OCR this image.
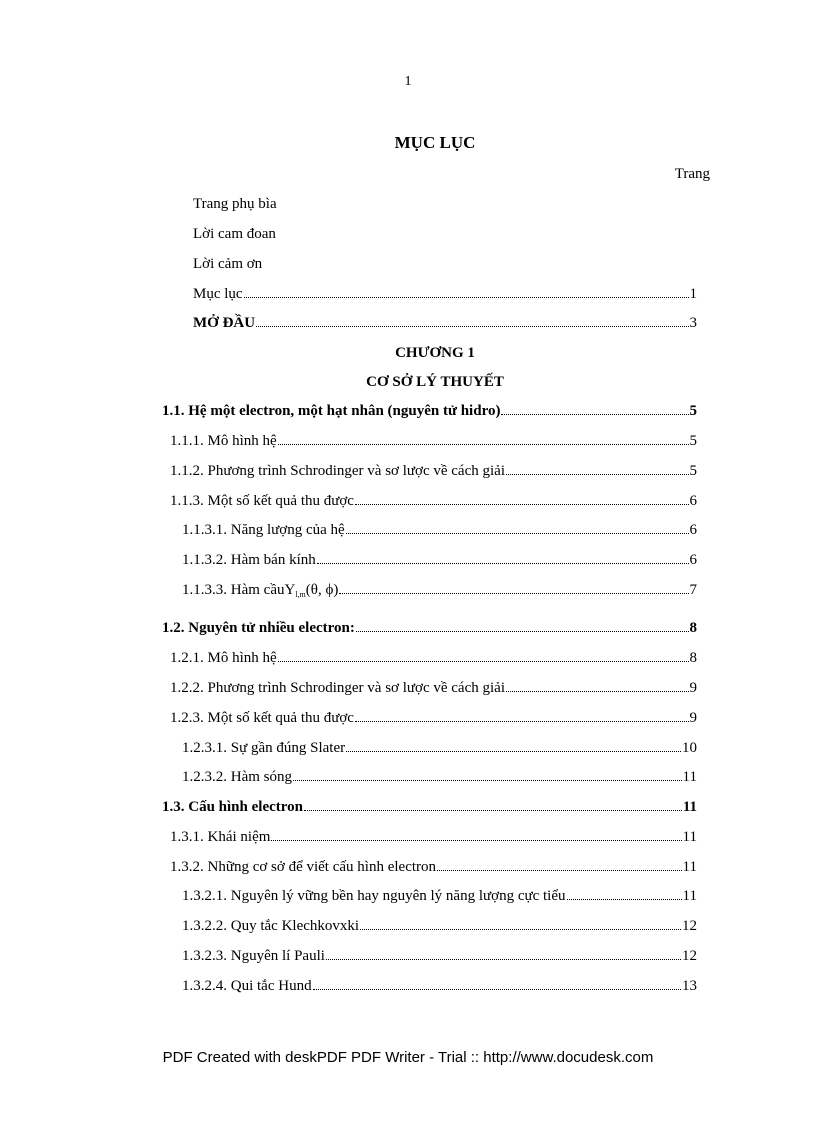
1
MỤC LỤC
Trang
Trang phụ bìa
Lời cam đoan
Lời cảm ơn
Mục lục	1
MỞ ĐẦU	3
CHƯƠNG 1
CƠ SỞ LÝ THUYẾT
1.1. Hệ một electron, một hạt nhân (nguyên tử hidro)	5
1.1.1. Mô hình hệ	5
1.1.2. Phương trình Schrodinger và sơ lược về cách giải	5
1.1.3. Một số kết quả thu được	6
1.1.3.1. Năng lượng của hệ	6
1.1.3.2. Hàm bán kính	6
1.1.3.3. Hàm cầu $Y_{l,m}(\theta$, ϕ)	7
1.2. Nguyên tử nhiều electron:	8
1.2.1. Mô hình hệ	8
1.2.2. Phương trình Schrodinger và sơ lược về cách giải	9
1.2.3. Một số kết quả thu được	9
1.2.3.1. Sự gần đúng Slater	10
1.2.3.2. Hàm sóng	11
1.3. Cấu hình electron	11
1.3.1. Khái niệm	11
1.3.2. Những cơ sở để viết cấu hình electron	11
1.3.2.1. Nguyên lý vững bền hay nguyên lý năng lượng cực tiểu	11
1.3.2.2. Quy tắc Klechkovxki	12
1.3.2.3. Nguyên lí Pauli	12
1.3.2.4. Qui tắc Hund	13
PDF Created with deskPDF PDF Writer - Trial :: http://www.docudesk.com
